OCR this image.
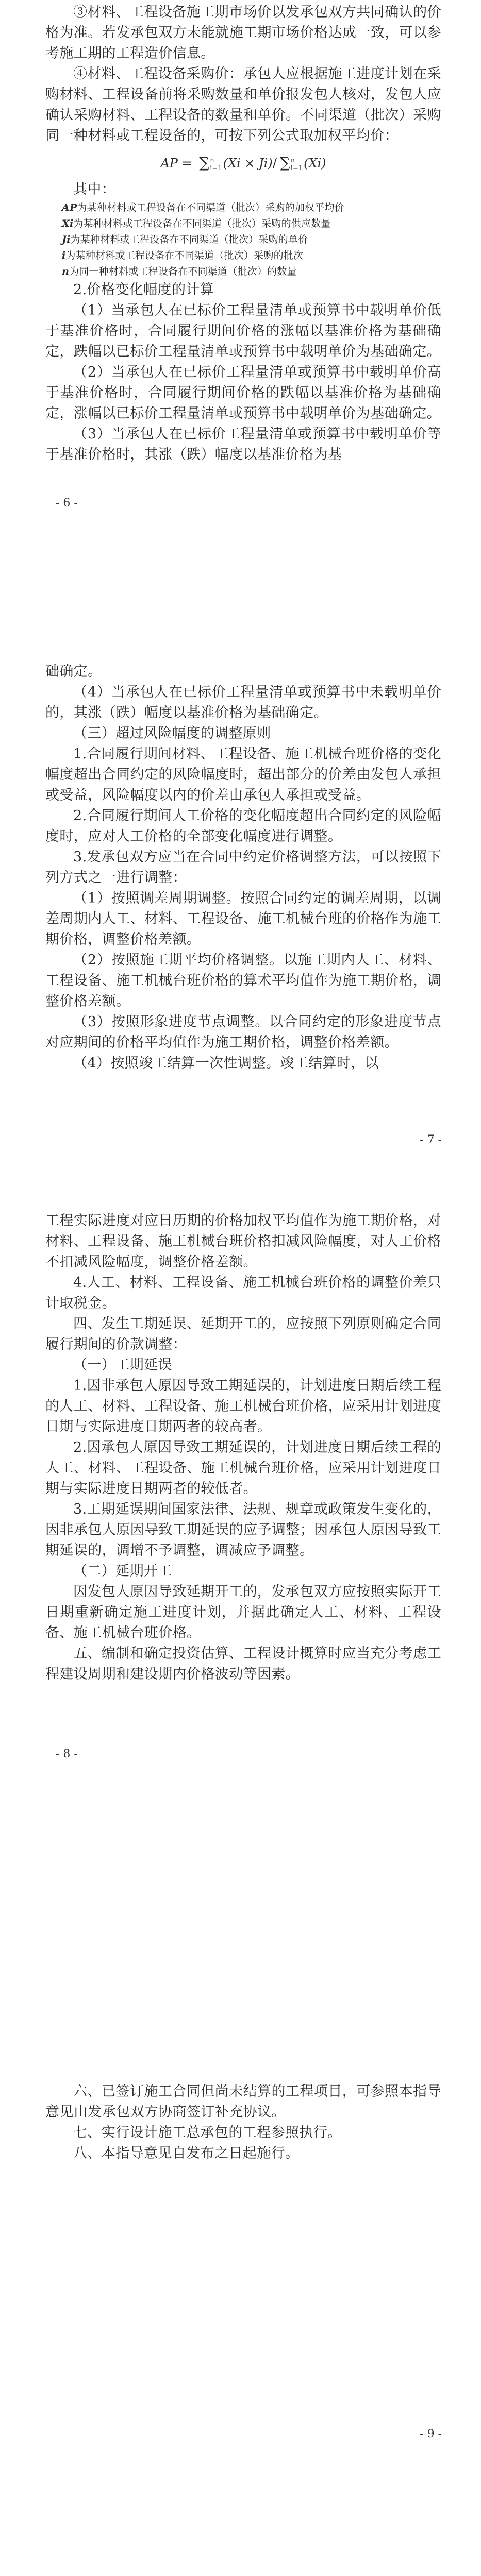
③材料、工程设备施工期市场价以发承包双方共同确认的价格为准。若发承包双方未能就施工期市场价格达成一致，可以参考施工期的工程造价信息。

④材料、工程设备采购价：承包人应根据施工进度计划在采购材料、工程设备前将采购数量和单价报发包人核对，发包人应确认采购材料、工程设备的数量和单价。不同渠道（批次）采购同一种材料或工程设备的，可按下列公式取加权平均价：

AP = ∑ n
i=1 (Xi × Ji)/ ∑ n
i=1 (Xi)

其中：

AP为某种材料或工程设备在不同渠道（批次）采购的加权平均价
Xi为某种材料或工程设备在不同渠道（批次）采购的供应数量
Ji为某种材料或工程设备在不同渠道（批次）采购的单价
i为某种材料或工程设备在不同渠道（批次）采购的批次
n为同一种材料或工程设备在不同渠道（批次）的数量

2.价格变化幅度的计算

（1）当承包人在已标价工程量清单或预算书中载明单价低于基准价格时，合同履行期间价格的涨幅以基准价格为基础确定，跌幅以已标价工程量清单或预算书中载明单价为基础确定。

（2）当承包人在已标价工程量清单或预算书中载明单价高于基准价格时，合同履行期间价格的跌幅以基准价格为基础确定，涨幅以已标价工程量清单或预算书中载明单价为基础确定。

（3）当承包人在已标价工程量清单或预算书中载明单价等于基准价格时，其涨（跌）幅度以基准价格为基

- 6 -

础确定。

（4）当承包人在已标价工程量清单或预算书中未载明单价的，其涨（跌）幅度以基准价格为基础确定。

（三）超过风险幅度的调整原则

1.合同履行期间材料、工程设备、施工机械台班价格的变化幅度超出合同约定的风险幅度时，超出部分的价差由发包人承担或受益，风险幅度以内的价差由承包人承担或受益。

2.合同履行期间人工价格的变化幅度超出合同约定的风险幅度时，应对人工价格的全部变化幅度进行调整。

3.发承包双方应当在合同中约定价格调整方法，可以按照下列方式之一进行调整：

（1）按照调差周期调整。按照合同约定的调差周期，以调差周期内人工、材料、工程设备、施工机械台班的价格作为施工期价格，调整价格差额。

（2）按照施工期平均价格调整。以施工期内人工、材料、工程设备、施工机械台班价格的算术平均值作为施工期价格，调整价格差额。

（3）按照形象进度节点调整。以合同约定的形象进度节点对应期间的价格平均值作为施工期价格，调整价格差额。

（4）按照竣工结算一次性调整。竣工结算时，以

- 7 -

工程实际进度对应日历期的价格加权平均值作为施工期价格，对材料、工程设备、施工机械台班价格扣减风险幅度，对人工价格不扣减风险幅度，调整价格差额。

4.人工、材料、工程设备、施工机械台班价格的调整价差只计取税金。

四、发生工期延误、延期开工的，应按照下列原则确定合同履行期间的价款调整：

（一）工期延误

1.因非承包人原因导致工期延误的，计划进度日期后续工程的人工、材料、工程设备、施工机械台班价格，应采用计划进度日期与实际进度日期两者的较高者。

2.因承包人原因导致工期延误的，计划进度日期后续工程的人工、材料、工程设备、施工机械台班价格，应采用计划进度日期与实际进度日期两者的较低者。

3.工期延误期间国家法律、法规、规章或政策发生变化的，因非承包人原因导致工期延误的应予调整；因承包人原因导致工期延误的，调增不予调整，调减应予调整。

（二）延期开工

因发包人原因导致延期开工的，发承包双方应按照实际开工日期重新确定施工进度计划，并据此确定人工、材料、工程设备、施工机械台班价格。

五、编制和确定投资估算、工程设计概算时应当充分考虑工程建设周期和建设期内价格波动等因素。

- 8 -

六、已签订施工合同但尚未结算的工程项目，可参照本指导意见由发承包双方协商签订补充协议。

七、实行设计施工总承包的工程参照执行。

八、本指导意见自发布之日起施行。

- 9 -
